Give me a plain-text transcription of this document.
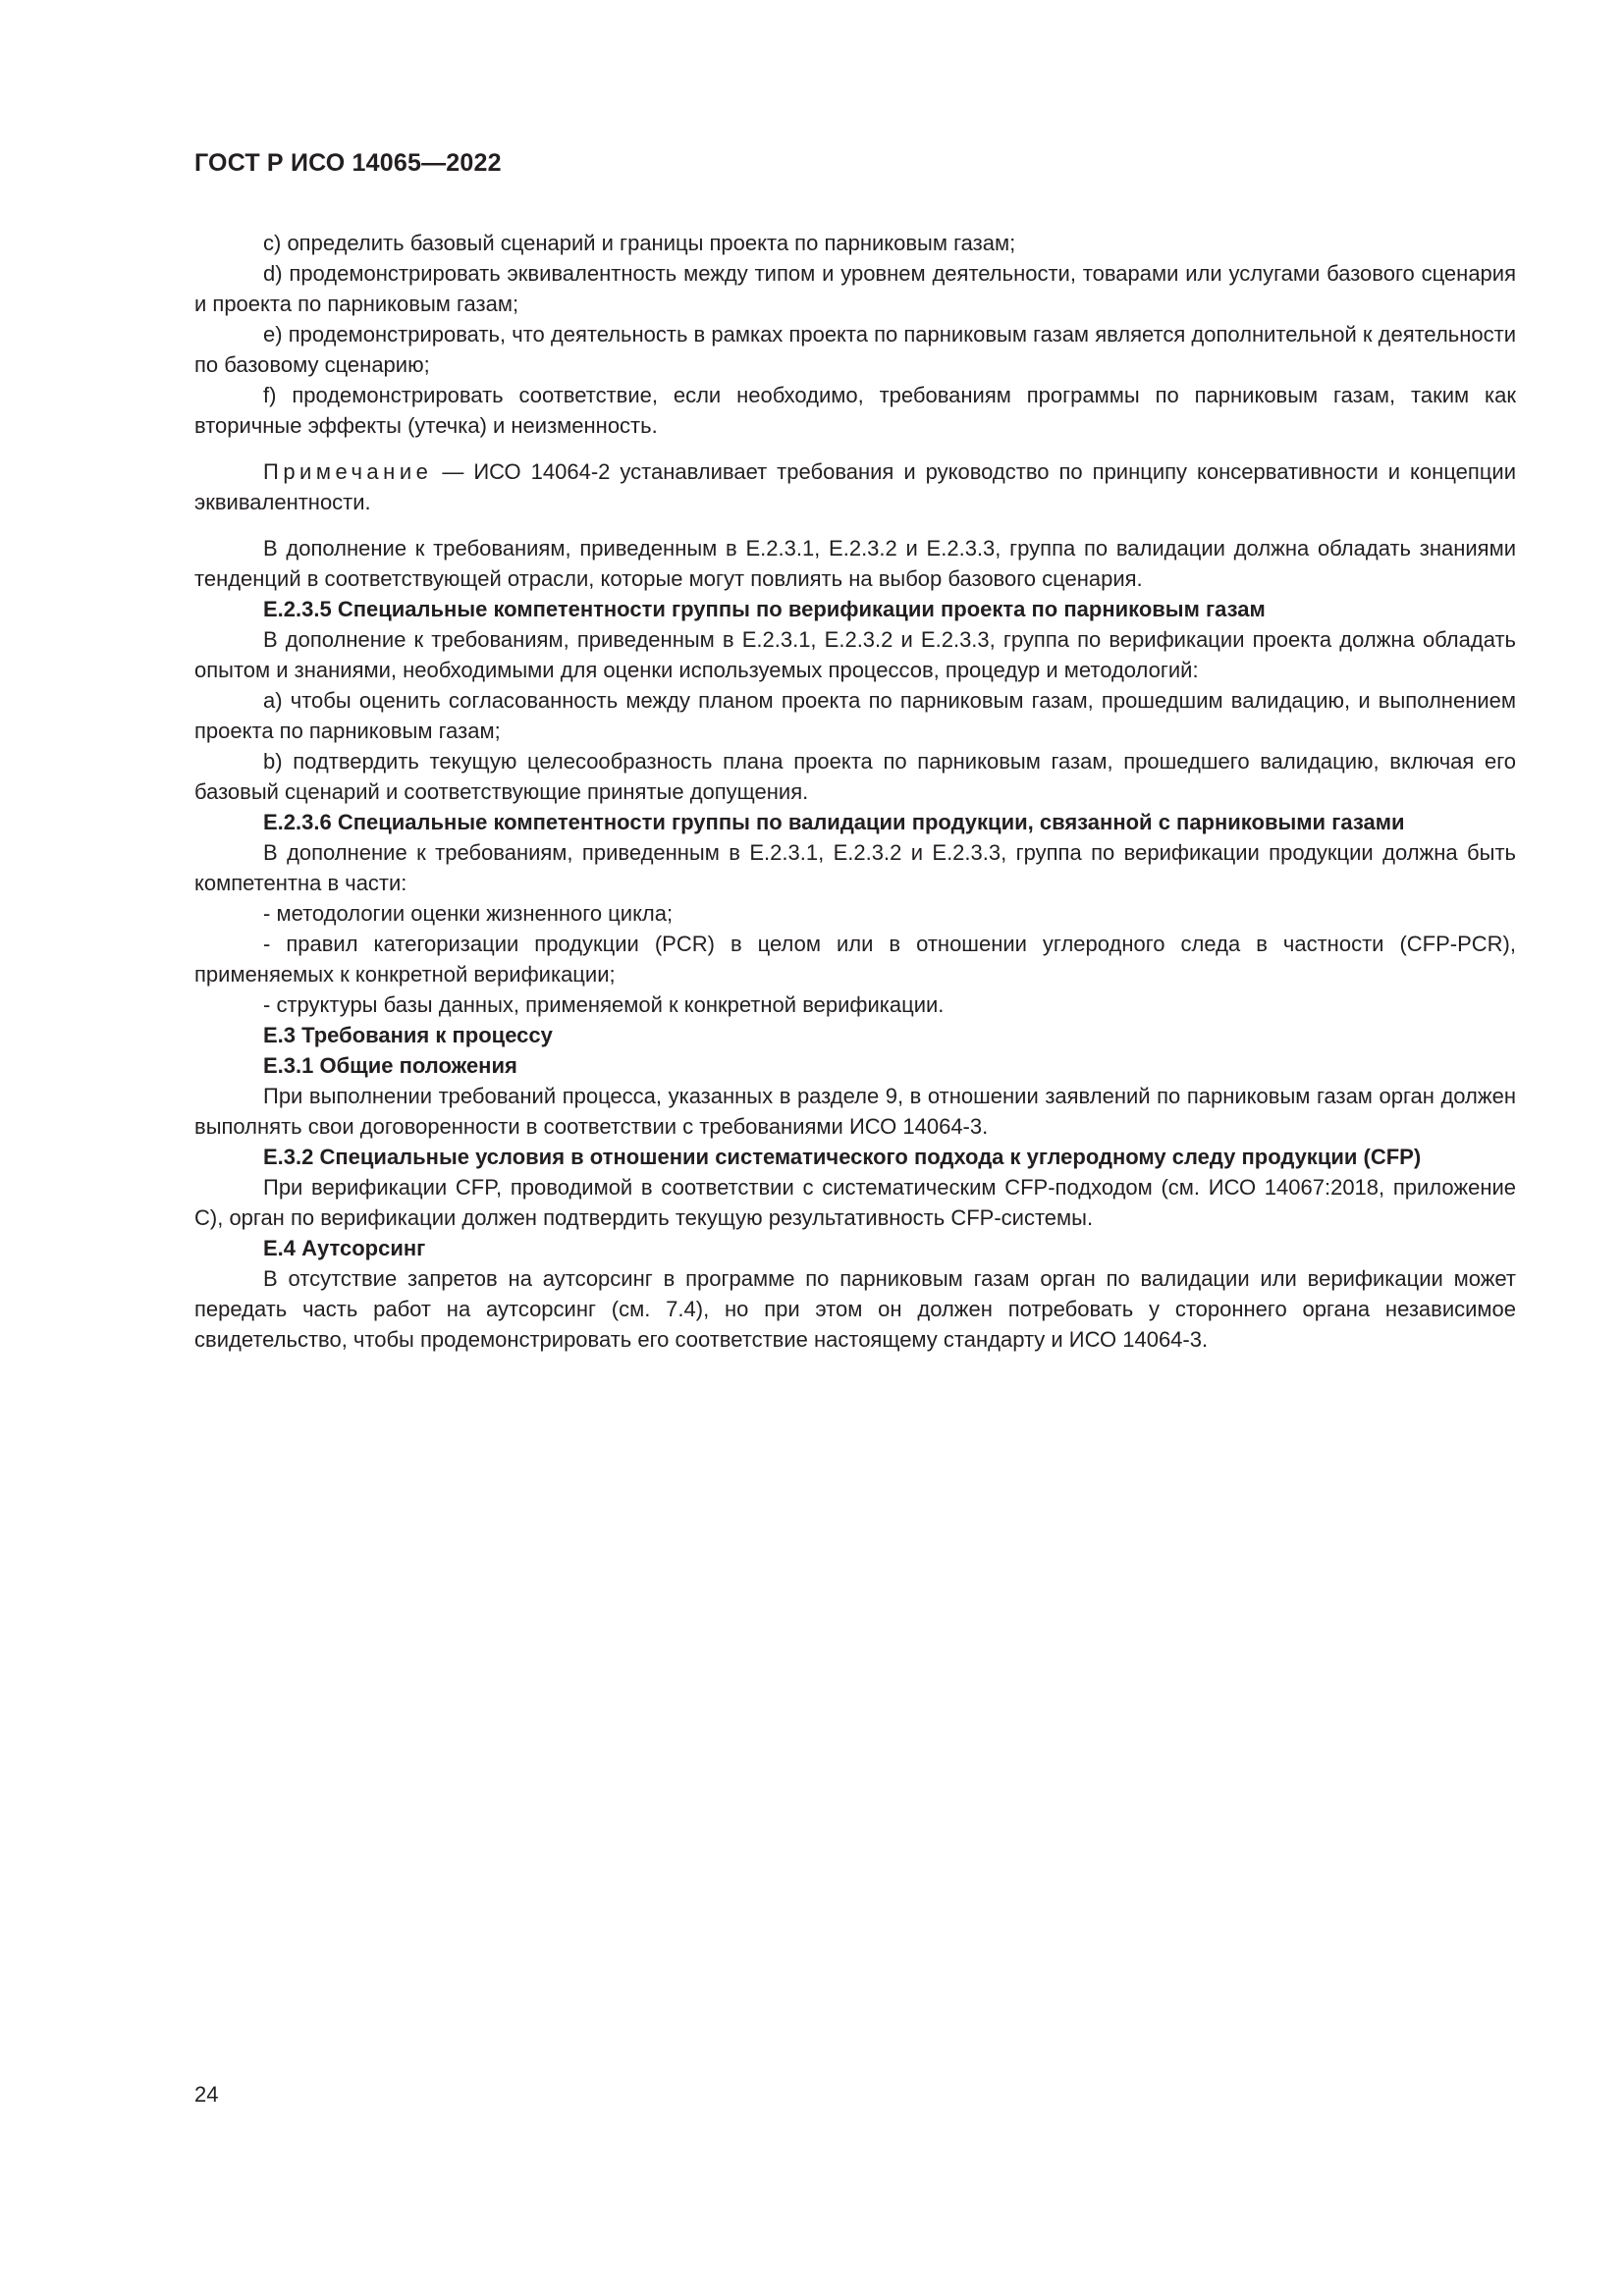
ГОСТ Р ИСО 14065—2022

с) определить базовый сценарий и границы проекта по парниковым газам;

d) продемонстрировать эквивалентность между типом и уровнем деятельности, товарами или услугами базового сценария и проекта по парниковым газам;

е) продемонстрировать, что деятельность в рамках проекта по парниковым газам является дополнительной к деятельности по базовому сценарию;

f) продемонстрировать соответствие, если необходимо, требованиям программы по парниковым газам, таким как вторичные эффекты (утечка) и неизменность.

Примечание — ИСО 14064-2 устанавливает требования и руководство по принципу консервативности и концепции эквивалентности.

В дополнение к требованиям, приведенным в Е.2.3.1, Е.2.3.2 и Е.2.3.3, группа по валидации должна обладать знаниями тенденций в соответствующей отрасли, которые могут повлиять на выбор базового сценария.

Е.2.3.5 Специальные компетентности группы по верификации проекта по парниковым газам

В дополнение к требованиям, приведенным в Е.2.3.1, Е.2.3.2 и Е.2.3.3, группа по верификации проекта должна обладать опытом и знаниями, необходимыми для оценки используемых процессов, процедур и методологий:

а) чтобы оценить согласованность между планом проекта по парниковым газам, прошедшим валидацию, и выполнением проекта по парниковым газам;

b) подтвердить текущую целесообразность плана проекта по парниковым газам, прошедшего валидацию, включая его базовый сценарий и соответствующие принятые допущения.

Е.2.3.6 Специальные компетентности группы по валидации продукции, связанной с парниковыми газами

В дополнение к требованиям, приведенным в Е.2.3.1, Е.2.3.2 и Е.2.3.3, группа по верификации продукции должна быть компетентна в части:

- методологии оценки жизненного цикла;

- правил категоризации продукции (PCR) в целом или в отношении углеродного следа в частности (CFP-PCR), применяемых к конкретной верификации;

- структуры базы данных, применяемой к конкретной верификации.

Е.3 Требования к процессу

Е.3.1 Общие положения

При выполнении требований процесса, указанных в разделе 9, в отношении заявлений по парниковым газам орган должен выполнять свои договоренности в соответствии с требованиями ИСО 14064-3.

Е.3.2 Специальные условия в отношении систематического подхода к углеродному следу продукции (CFP)

При верификации CFP, проводимой в соответствии с систематическим CFP-подходом (см. ИСО 14067:2018, приложение С), орган по верификации должен подтвердить текущую результативность CFP-системы.

Е.4 Аутсорсинг

В отсутствие запретов на аутсорсинг в программе по парниковым газам орган по валидации или верификации может передать часть работ на аутсорсинг (см. 7.4), но при этом он должен потребовать у стороннего органа независимое свидетельство, чтобы продемонстрировать его соответствие настоящему стандарту и ИСО 14064-3.

24
